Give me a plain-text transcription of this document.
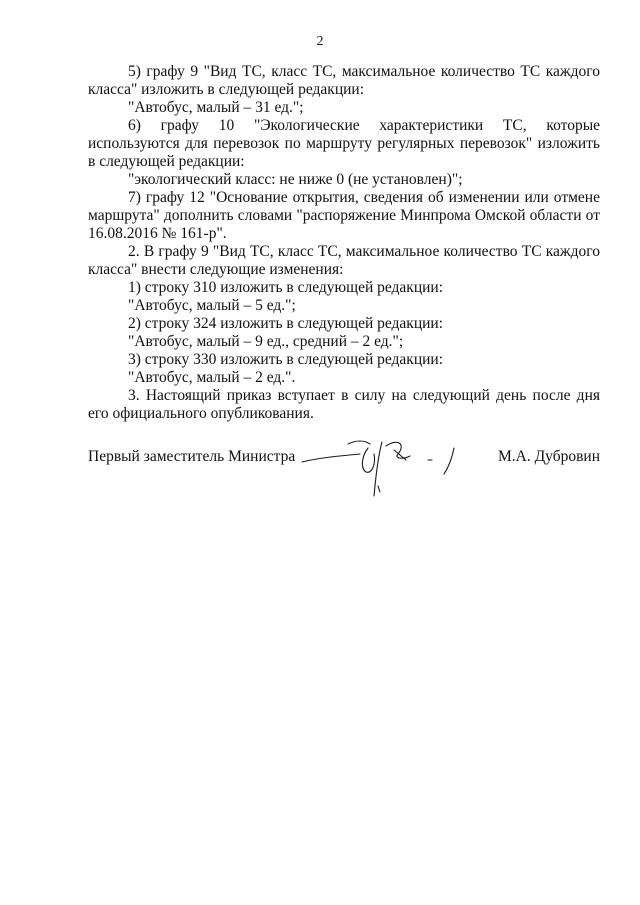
2

5) графу 9 "Вид ТС, класс ТС, максимальное количество ТС каждого класса" изложить в следующей редакции:

"Автобус, малый – 31 ед.";

6) графу 10 "Экологические характеристики ТС, которые используются для перевозок по маршруту регулярных перевозок" изложить в следующей редакции:

"экологический класс: не ниже 0 (не установлен)";

7) графу 12 "Основание открытия, сведения об изменении или отмене маршрута" дополнить словами "распоряжение Минпрома Омской области от 16.08.2016 № 161-р".

2. В графу 9 "Вид ТС, класс ТС, максимальное количество ТС каждого класса" внести следующие изменения:

1) строку 310 изложить в следующей редакции:

"Автобус, малый – 5 ед.";

2) строку 324 изложить в следующей редакции:

"Автобус, малый – 9 ед., средний – 2 ед.";

3) строку 330 изложить в следующей редакции:

"Автобус, малый – 2 ед.".

3. Настоящий приказ вступает в силу на следующий день после дня его официального опубликования.

Первый заместитель Министра	М.А. Дубровин
